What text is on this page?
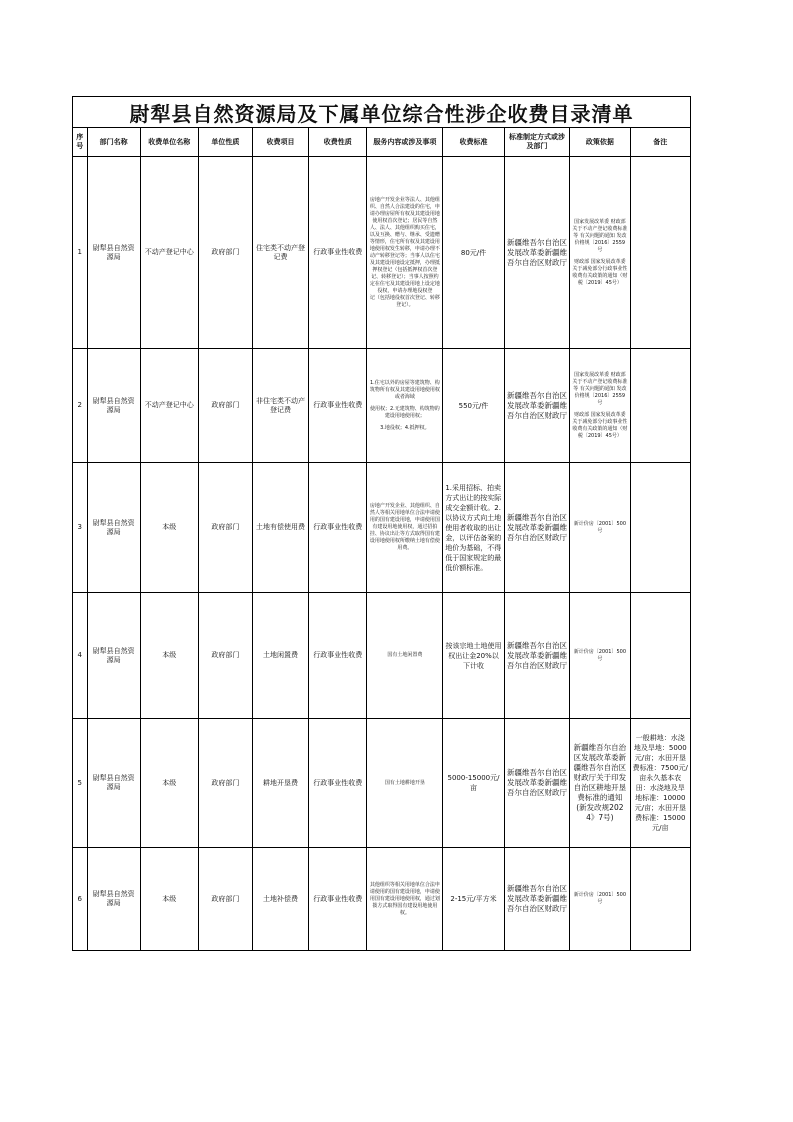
尉犁县自然资源局及下属单位综合性涉企收费目录清单
序号	部门名称	收费单位名称	单位性质	收费项目	收费性质	服务内容或涉及事项	收费标准	标准制定方式或涉及部门	政策依据	备注
1	尉犁县自然资源局	不动产登记中心	政府部门	住宅类不动产登记费	行政事业性收费	房地产开发企业等法人、其他组织、自然人合法建设的住宅，申请办理房屋所有权及其建设用地使用权首次登记；居民等自然人、法人、其他组织购买住宅，以及互换、赠与、继承、受遗赠等情形，住宅所有权及其建设用地使用权发生转移，申请办理不动产转移登记等；当事人以住宅及其建设用地设定抵押，办理抵押权登记（包括抵押权首次登记、转移登记）；当事人按照约定在住宅及其建设用地上设定地役权，申请办理地役权登
记（包括地役权首次登记、转移登记）。	80元/件	新疆维吾尔自治区发展改革委新疆维吾尔自治区财政厅	国家发展改革委 财政部 关于不动产登记收费标准等 有关问题的通知 发改价格规〔2016〕2559号
财政部 国家发展改革委关于减免部分行政事业性收费有关政策的通知（财税〔2019〕45号）	

2	尉犁县自然资源局	不动产登记中心	政府部门	非住宅类不动产登记费	行政事业性收费	1.住宅以外的房屋等建筑物、构筑物所有权及其建设用地使用权或者海域
使用权；2.无建筑物、构筑物的建设用地使用权；
3.地役权；4.抵押权。	550元/件	新疆维吾尔自治区发展改革委新疆维吾尔自治区财政厅	国家发展改革委 财政部 关于不动产登记收费标准等 有关问题的通知 发改价格规〔2016〕2559号
财政部 国家发展改革委关于减免部分行政事业性收费有关政策的通知（财税〔2019〕45号）	

3	尉犁县自然资源局	本级	政府部门	土地有偿使用费	行政事业性收费	房地产开发企业、其他组织、自然人等相关用地单位合法申请使用的国有建设用地，申请使用国有建设用地使用权，通过招拍挂、协议出让等方式取得国有建设用地使用权所缴纳土地有偿使用费。	1.采用招标、拍卖方式出让的按实际成交金额计收。2.以协议方式向土地使用者收取的出让金，以评估备案的地价为基础，不得低于国家规定的最低价额标准。	新疆维吾尔自治区发展改革委新疆维吾尔自治区财政厅	新计价房〔2001〕500号	
4	尉犁县自然资源局	本级	政府部门	土地闲置费	行政事业性收费	国有土地闲置费	按该宗地土地使用权出让金20%以下计收	新疆维吾尔自治区发展改革委新疆维吾尔自治区财政厅	新计价房〔2001〕500号	
5	尉犁县自然资源局	本级	政府部门	耕地开垦费	行政事业性收费	国有土地耕地开垦	5000-15000元/亩	新疆维吾尔自治区发展改革委新疆维吾尔自治区财政厅	新疆维吾尔自治区发展改革委新疆维吾尔自治区财政厅关于印发自治区耕地开垦费标准的通知(新发改规2024》7号)	一般耕地：水浇地及旱地：5000元/亩；水田开垦费标准：7500元/亩永久基本农田：水浇地及旱地标准：10000元/亩；水田开垦费标准：15000元/亩
6	尉犁县自然资源局	本级	政府部门	土地补偿费	行政事业性收费	其他组织等相关用地单位合法申请使用的国有建设用地，申请使用国有建设用地使用权，通过划拨方式取得国有建设用地使用权。	2-15元/平方米	新疆维吾尔自治区发展改革委新疆维吾尔自治区财政厅	新计价房〔2001〕500号	
